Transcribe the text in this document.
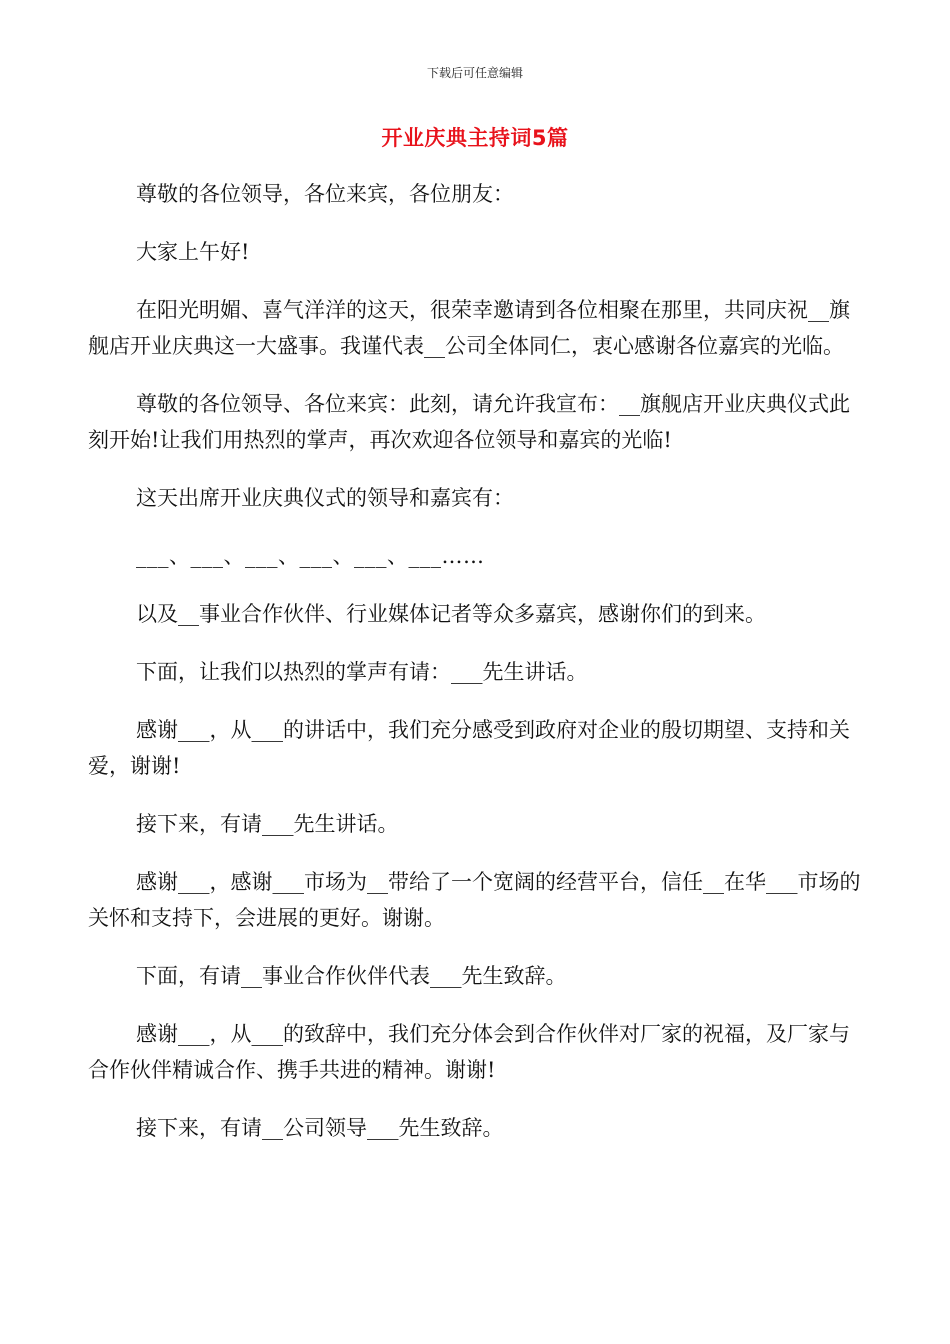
下载后可任意编辑
开业庆典主持词5篇

尊敬的各位领导，各位来宾，各位朋友：

大家上午好!

在阳光明媚、喜气洋洋的这天，很荣幸邀请到各位相聚在那里，共同庆祝__旗舰店开业庆典这一大盛事。我谨代表__公司全体同仁，衷心感谢各位嘉宾的光临。

尊敬的各位领导、各位来宾：此刻，请允许我宣布：__旗舰店开业庆典仪式此刻开始!让我们用热烈的掌声，再次欢迎各位领导和嘉宾的光临!

这天出席开业庆典仪式的领导和嘉宾有：

___、___、___、___、___、___……

以及__事业合作伙伴、行业媒体记者等众多嘉宾，感谢你们的到来。

下面，让我们以热烈的掌声有请：___先生讲话。

感谢___，从___的讲话中，我们充分感受到政府对企业的殷切期望、支持和关爱，谢谢!

接下来，有请___先生讲话。

感谢___，感谢___市场为__带给了一个宽阔的经营平台，信任__在华___市场的关怀和支持下，会进展的更好。谢谢。

下面，有请__事业合作伙伴代表___先生致辞。

感谢___，从___的致辞中，我们充分体会到合作伙伴对厂家的祝福，及厂家与合作伙伴精诚合作、携手共进的精神。谢谢!

接下来，有请__公司领导___先生致辞。
